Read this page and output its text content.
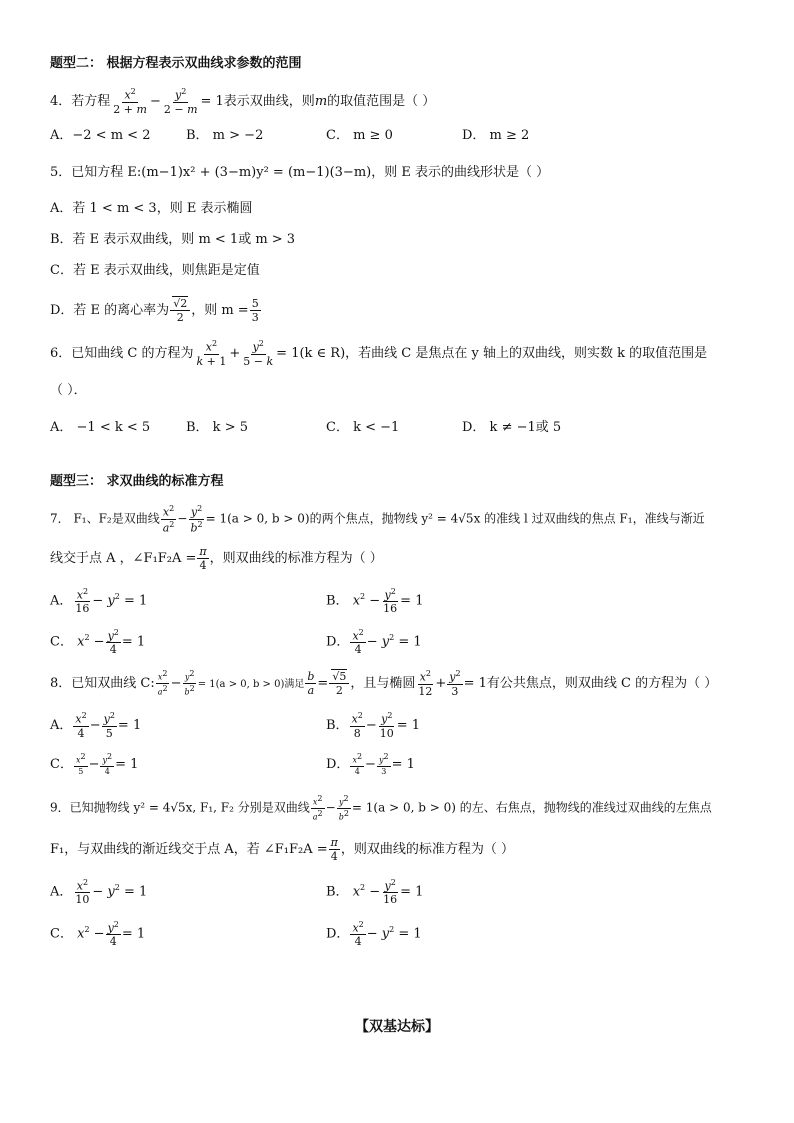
题型二： 根据方程表示双曲线求参数的范围
4．若方程 $\frac{x^2}{2 + m} - \frac{y^2}{2 - m} = 1$表示双曲线，则m的取值范围是（ ）
A．−2 < m < 2	B． m > −2	C． m ≥ 0	D． m ≥ 2
5．已知方程 E:(m−1)x² + (3−m)y² = (m−1)(3−m)，则 E 表示的曲线形状是（ ）
A．若 1 < m < 3，则 E 表示椭圆
B．若 E 表示双曲线，则 m < 1或 m > 3
C．若 E 表示双曲线，则焦距是定值
D．若 E 的离心率为 $\frac{√2}{2}$ ，则 $m = \frac{5}{3}$
6．已知曲线 C 的方程为 $\frac{x^2}{k + 1} + \frac{y^2}{5 - k} = 1(k$ ∈ R)，若曲线 C 是焦点在 y 轴上的双曲线，则实数 k 的取值范围是
（ ）．
A． −1 < k < 5	B． k > 5	C． k < −1	D． k ≠ −1或 5
题型三： 求双曲线的标准方程
7． F₁、F₂是双曲线 $\frac{x^2}{a^2} - \frac{y^2}{b^2} = 1(a > 0$, b > 0)的两个焦点，抛物线 y² = 4√5x 的准线 l 过双曲线的焦点 F₁，准线与渐近
线交于点 A ，∠F₁F₂A = $\frac{\pi}{4}$ ，则双曲线的标准方程为（ ）
A． $\frac{x^2}{16} - y^2 = 1$	B． $x^2 - \frac{y^2}{16} = 1$
C． $x^2 - \frac{y^2}{4} = 1$	D． $\frac{x^2}{4} - y^2 = 1$
8．已知双曲线 C: $\frac{x^2}{a^2} - \frac{y^2}{b^2} = 1(a > 0$, b > 0)满足 $\frac{b}{a} = \frac{√5}{2}$ ，且与椭圆 $\frac{x^2}{12} + \frac{y^2}{3} = 1$有公共焦点，则双曲线 C 的方程为（ ）
A． $\frac{x^2}{4} - \frac{y^2}{5} = 1$	B． $\frac{x^2}{8} - \frac{y^2}{10} = 1$
C． $\frac{x^2}{5} - \frac{y^2}{4} = 1$	D． $\frac{x^2}{4} - \frac{y^2}{3} = 1$
9．已知抛物线 y² = 4√5x, F₁, F₂ 分别是双曲线 $\frac{x^2}{a^2} - \frac{y^2}{b^2} = 1(a > 0$, b > 0) 的左、右焦点，抛物线的准线过双曲线的左焦点
F₁，与双曲线的渐近线交于点 A，若 ∠F₁F₂A = $\frac{\pi}{4}$ ，则双曲线的标准方程为（ ）
A． $\frac{x^2}{10} - y^2 = 1$	B． $x^2 - \frac{y^2}{16} = 1$
C． $x^2 - \frac{y^2}{4} = 1$	D． $\frac{x^2}{4} - y^2 = 1$
【双基达标】
